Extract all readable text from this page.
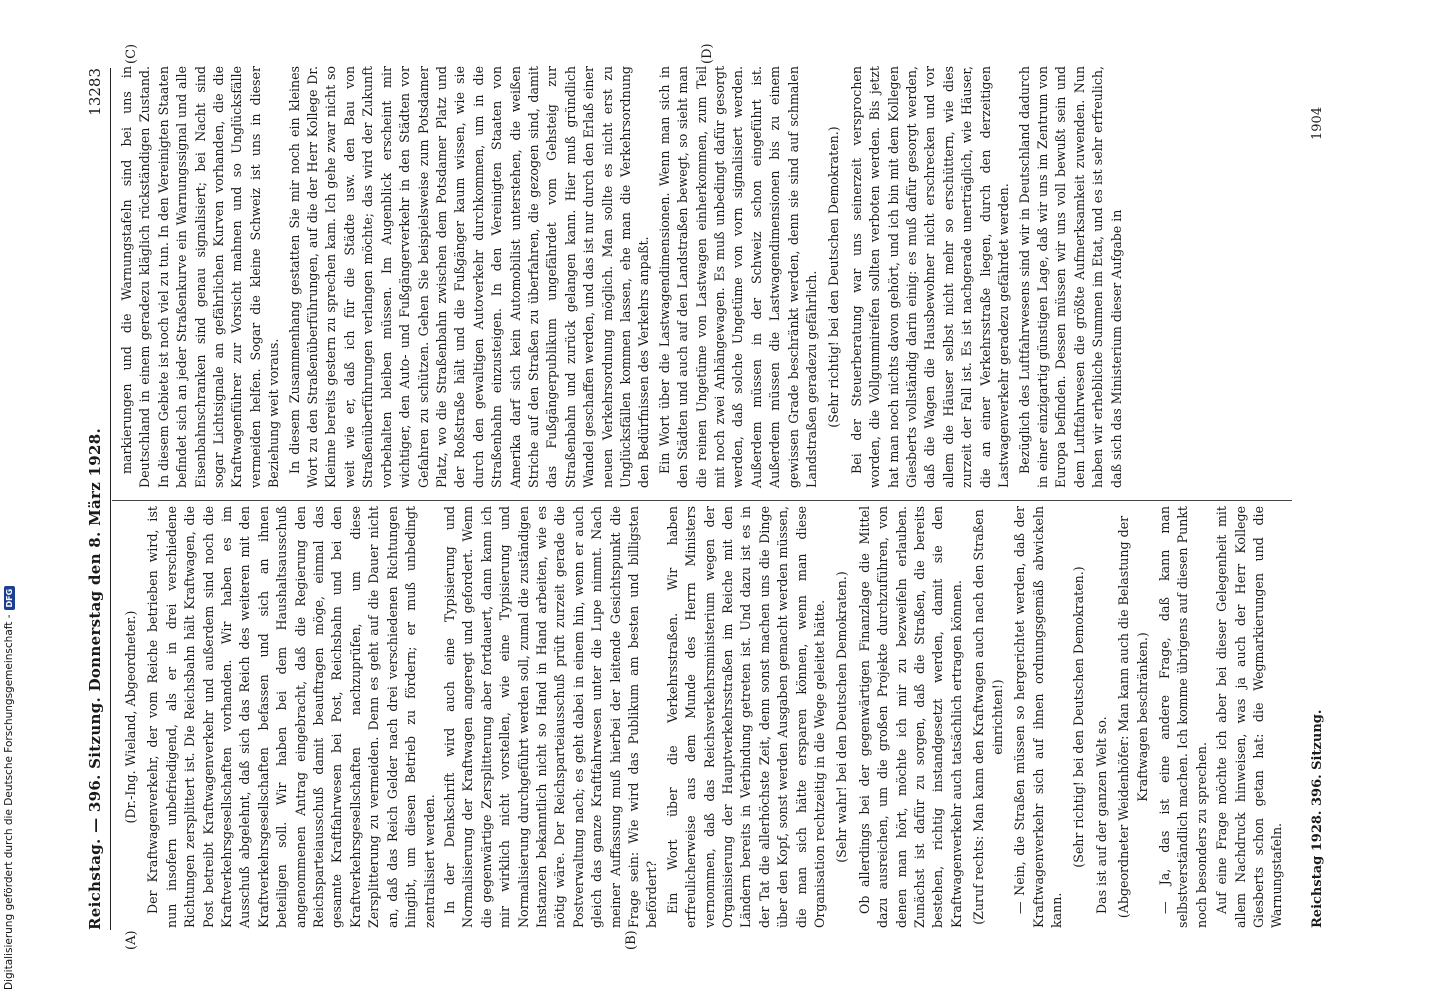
Reichstag. — 396. Sitzung. Donnerstag den 8. März 1928.
13283
(A)	(B)
(C)	(D)

(Dr.-Ing. Wieland, Abgeordneter.) Der Kraftwagenverkehr, der vom Reiche betrieben wird, ist nun insofern unbefriedigend, als er in drei verschiedene Richtungen zersplittert ist. Die Reichsbahn hält Kraftwagen, die Post betreibt Kraftwagenverkehr und außerdem sind noch die Kraftverkehrsgesellschaften vorhanden. Wir haben es im Ausschuß abgelehnt, daß sich das Reich des weiteren mit den Kraftverkehrsgesellschaften befassen und sich an ihnen beteiligen soll. Wir haben bei dem Haushaltsausschuß angenommenen Antrag eingebracht, daß die Regierung den Reichsparteiausschuß damit beauftragen möge, einmal das gesamte Kraftfahrwesen bei Post, Reichsbahn und bei den Kraftverkehrsgesellschaften nachzuprüfen, um diese Zersplitterung zu vermeiden. Denn es geht auf die Dauer nicht an, daß das Reich Gelder nach drei verschiedenen Richtungen hingibt, um diesen Betrieb zu fördern; er muß unbedingt zentralisiert werden. In der Denkschrift wird auch eine Typisierung und Normalisierung der Kraftwagen angeregt und gefordert. Wenn die gegenwärtige Zersplitterung aber fortdauert, dann kann ich mir wirklich nicht vorstellen, wie eine Typisierung und Normalisierung durchgeführt werden soll, zumal die zuständigen Instanzen bekanntlich nicht so Hand in Hand arbeiten, wie es nötig wäre. Der Reichsparteiausschuß prüft zurzeit gerade die Postverwaltung nach; es geht dabei in einem hin, wenn er auch gleich das ganze Kraftfahrwesen unter die Lupe nimmt. Nach meiner Auffassung muß hierbei der leitende Gesichtspunkt die Frage sein: Wie wird das Publikum am besten und billigsten befördert? Ein Wort über die Verkehrsstraßen. Wir haben erfreulicherweise aus dem Munde des Herrn Ministers vernommen, daß das Reichsverkehrsministerium wegen der Organisierung der Hauptverkehrsstraßen im Reiche mit den Ländern bereits in Verbindung getreten ist. Und dazu ist es in der Tat die allerhöchste Zeit, denn sonst machen uns die Dinge über den Kopf, sonst werden Ausgaben gemacht werden müssen, die man sich hätte ersparen können, wenn man diese Organisation rechtzeitig in die Wege geleitet hätte. (Sehr wahr! bei den Deutschen Demokraten.) Ob allerdings bei der gegenwärtigen Finanzlage die Mittel dazu ausreichen, um die großen Projekte durchzuführen, von denen man hört, möchte ich mir zu bezweifeln erlauben. Zunächst ist dafür zu sorgen, daß die Straßen, die bereits bestehen, richtig instandgesetzt werden, damit sie den Kraftwagenverkehr auch tatsächlich ertragen können. (Zuruf rechts: Man kann den Kraftwagen auch nach den Straßen einrichten!) — Nein, die Straßen müssen so hergerichtet werden, daß der Kraftwagenverkehr sich auf ihnen ordnungsgemäß abwickeln kann.

(Sehr richtig! bei den Deutschen Demokraten.) Das ist auf der ganzen Welt so. (Abgeordneter Weidenhöfer: Man kann auch die Belastung der Kraftwagen beschränken.) — Ja, das ist eine andere Frage, daß kann man selbstverständlich machen. Ich komme übrigens auf diesen Punkt noch besonders zu sprechen. Auf eine Frage möchte ich aber bei dieser Gelegenheit mit allem Nachdruck hinweisen, was ja auch der Herr Kollege Giesberts schon getan hat: die Wegmarkierungen und die Warnungstafeln.

markierungen und die Warnungstafeln sind bei uns in Deutschland in einem geradezu kläglich rückständigen Zustand. In diesem Gebiete ist noch viel zu tun. In den Vereinigten Staaten befindet sich an jeder Straßenkurve ein Warnungssignal und alle Eisenbahnschranken sind genau signalisiert; bei Nacht sind sogar Lichtsignale an gefährlichen Kurven vorhanden, die die Kraftwagenführer zur Vorsicht mahnen und so Unglücksfälle vermeiden helfen. Sogar die kleine Schweiz ist uns in dieser Beziehung weit voraus. In diesem Zusammenhang gestatten Sie mir noch ein kleines Wort zu den Straßenüberführungen, auf die der Herr Kollege Dr. Kleinne bereits gestern zu sprechen kam. Ich gehe zwar nicht so weit wie er, daß ich für die Städte usw. den Bau von Straßenüberführungen verlangen möchte; das wird der Zukunft vorbehalten bleiben müssen. Im Augenblick erscheint mir wichtiger, den Auto- und Fußgängerverkehr in den Städten vor Gefahren zu schützen. Gehen Sie beispielsweise zum Potsdamer Platz, wo die Straßenbahn zwischen dem Potsdamer Platz und der Roßstraße hält und die Fußgänger kaum wissen, wie sie durch den gewaltigen Autoverkehr durchkommen, um in die Straßenbahn einzusteigen. In den Vereinigten Staaten von Amerika darf sich kein Automobilist unterstehen, die weißen Striche auf den Straßen zu überfahren, die gezogen sind, damit das Fußgängerpublikum ungefährdet vom Gehsteig zur Straßenbahn und zurück gelangen kann. Hier muß gründlich Wandel geschaffen werden, und das ist nur durch den Erlaß einer neuen Verkehrsordnung möglich. Man sollte es nicht erst zu Unglücksfällen kommen lassen, ehe man die Verkehrsordnung den Bedürfnissen des Verkehrs anpaßt. Ein Wort über die Lastwagendimensionen. Wenn man sich in den Städten und auch auf den Landstraßen bewegt, so sieht man die reinen Ungetüme von Lastwagen einherkommen, zum Teil mit noch zwei Anhängewagen. Es muß unbedingt dafür gesorgt werden, daß solche Ungetüme von vorn signalisiert werden. Außerdem müssen in der Schweiz schon eingeführt ist. Außerdem müssen die Lastwagendimensionen bis zu einem gewissen Grade beschränkt werden, denn sie sind auf schmalen Landstraßen geradezu gefährlich. (Sehr richtig! bei den Deutschen Demokraten.) Bei der Steuerberatung war uns seinerzeit versprochen worden, die Vollgummireifen sollten verboten werden. Bis jetzt hat man noch nichts davon gehört, und ich bin mit dem Kollegen Giesberts vollständig darin einig: es muß dafür gesorgt werden, daß die Wagen die Hausbewohner nicht erschrecken und vor allem die Häuser selbst nicht mehr so erschüttern, wie dies zurzeit der Fall ist. Es ist nachgerade unerträglich, wie Häuser, die an einer Verkehrsstraße liegen, durch den derzeitigen Lastwagenverkehr geradezu gefährdet werden. Bezüglich des Luftfahrwesens sind wir in Deutschland dadurch in einer einzigartig günstigen Lage, daß wir uns im Zentrum von Europa befinden. Dessen müssen wir uns voll bewußt sein und dem Luftfahrwesen die größte Aufmerksamkeit zuwenden. Nun haben wir erhebliche Summen im Etat, und es ist sehr erfreulich, daß sich das Ministerium dieser Aufgabe in

Reichstag 1928. 396. Sitzung.
1904
Digitalisierung gefördert durch die Deutsche Forschungsgemeinschaft -
DFG
